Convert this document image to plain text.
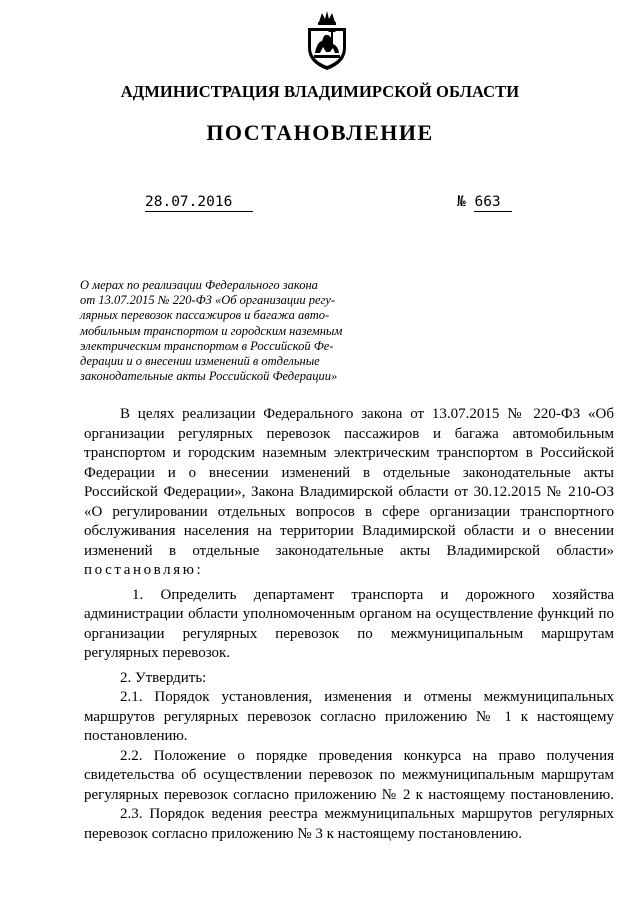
АДМИНИСТРАЦИЯ ВЛАДИМИРСКОЙ ОБЛАСТИ
ПОСТАНОВЛЕНИЕ
28.07.2016	№ 663
О мерах по реализации Федерального закона
от 13.07.2015 № 220-ФЗ «Об организации регу-
лярных перевозок пассажиров и багажа авто-
мобильным транспортом и городским наземным
электрическим транспортом в Российской Фе-
дерации и о внесении изменений в отдельные
законодательные акты Российской Федерации»
В целях реализации Федерального закона от 13.07.2015 № 220-ФЗ «Об
организации регулярных перевозок пассажиров и багажа автомобильным
транспортом и городским наземным электрическим транспортом в Российской
Федерации и о внесении изменений в отдельные законодательные акты
Российской Федерации», Закона Владимирской области от 30.12.2015 № 210-ОЗ
«О регулировании отдельных вопросов в сфере организации транспортного
обслуживания населения на территории Владимирской области и о внесении
изменений в отдельные законодательные акты Владимирской области»
постановляю:
1. Определить департамент транспорта и дорожного хозяйства
администрации области уполномоченным органом на осуществление функций по
организации регулярных перевозок по межмуниципальным маршрутам
регулярных перевозок.
2. Утвердить:
2.1. Порядок установления, изменения и отмены межмуниципальных
маршрутов регулярных перевозок согласно приложению № 1 к настоящему
постановлению.
2.2. Положение о порядке проведения конкурса на право получения
свидетельства об осуществлении перевозок по межмуниципальным маршрутам
регулярных перевозок согласно приложению № 2 к настоящему постановлению.
2.3. Порядок ведения реестра межмуниципальных маршрутов регулярных
перевозок согласно приложению № 3 к настоящему постановлению.
